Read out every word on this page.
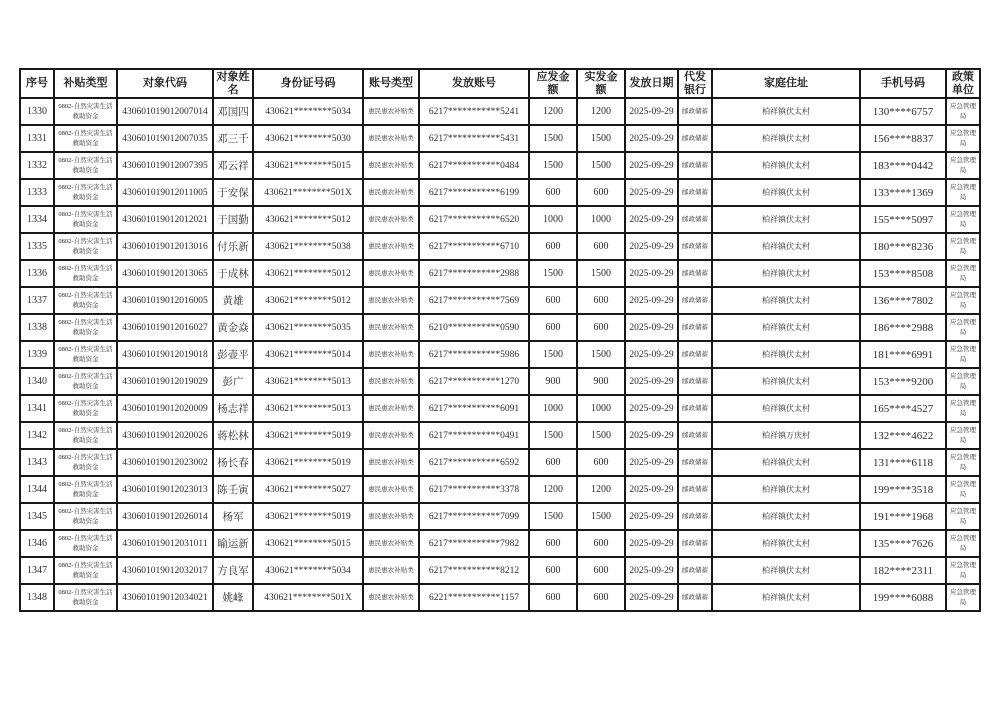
序号	补贴类型	对象代码	对象姓名	身份证号码	账号类型	发放账号	应发金额	实发金额	发放日期	代发银行	家庭住址	手机号码	政策单位
1330	0802-自然灾害生活救助资金	430601019012007014	邓国四	430621********5034	惠民惠农补贴类	6217***********5241	1200	1200	2025-09-29	邮政储蓄	柏祥镇伏太村	130****6757	应急管理局
1331	0802-自然灾害生活救助资金	430601019012007035	邓三千	430621********5030	惠民惠农补贴类	6217***********5431	1500	1500	2025-09-29	邮政储蓄	柏祥镇伏太村	156****8837	应急管理局
1332	0802-自然灾害生活救助资金	430601019012007395	邓云祥	430621********5015	惠民惠农补贴类	6217***********0484	1500	1500	2025-09-29	邮政储蓄	柏祥镇伏太村	183****0442	应急管理局
1333	0802-自然灾害生活救助资金	430601019012011005	于安保	430621********501X	惠民惠农补贴类	6217***********6199	600	600	2025-09-29	邮政储蓄	柏祥镇伏太村	133****1369	应急管理局
1334	0802-自然灾害生活救助资金	430601019012012021	于国勤	430621********5012	惠民惠农补贴类	6217***********6520	1000	1000	2025-09-29	邮政储蓄	柏祥镇伏太村	155****5097	应急管理局
1335	0802-自然灾害生活救助资金	430601019012013016	付乐新	430621********5038	惠民惠农补贴类	6217***********6710	600	600	2025-09-29	邮政储蓄	柏祥镇伏太村	180****8236	应急管理局
1336	0802-自然灾害生活救助资金	430601019012013065	于成林	430621********5012	惠民惠农补贴类	6217***********2988	1500	1500	2025-09-29	邮政储蓄	柏祥镇伏太村	153****8508	应急管理局
1337	0802-自然灾害生活救助资金	430601019012016005	黄雄	430621********5012	惠民惠农补贴类	6217***********7569	600	600	2025-09-29	邮政储蓄	柏祥镇伏太村	136****7802	应急管理局
1338	0802-自然灾害生活救助资金	430601019012016027	黄金焱	430621********5035	惠民惠农补贴类	6210***********0590	600	600	2025-09-29	邮政储蓄	柏祥镇伏太村	186****2988	应急管理局
1339	0802-自然灾害生活救助资金	430601019012019018	彭壶平	430621********5014	惠民惠农补贴类	6217***********5986	1500	1500	2025-09-29	邮政储蓄	柏祥镇伏太村	181****6991	应急管理局
1340	0802-自然灾害生活救助资金	430601019012019029	彭广	430621********5013	惠民惠农补贴类	6217***********1270	900	900	2025-09-29	邮政储蓄	柏祥镇伏太村	153****9200	应急管理局
1341	0802-自然灾害生活救助资金	430601019012020009	杨志祥	430621********5013	惠民惠农补贴类	6217***********6091	1000	1000	2025-09-29	邮政储蓄	柏祥镇伏太村	165****4527	应急管理局
1342	0802-自然灾害生活救助资金	430601019012020026	蒋松林	430621********5019	惠民惠农补贴类	6217***********0491	1500	1500	2025-09-29	邮政储蓄	柏祥镇万庆村	132****4622	应急管理局
1343	0802-自然灾害生活救助资金	430601019012023002	杨长春	430621********5019	惠民惠农补贴类	6217***********6592	600	600	2025-09-29	邮政储蓄	柏祥镇伏太村	131****6118	应急管理局
1344	0802-自然灾害生活救助资金	430601019012023013	陈壬寅	430621********5027	惠民惠农补贴类	6217***********3378	1200	1200	2025-09-29	邮政储蓄	柏祥镇伏太村	199****3518	应急管理局
1345	0802-自然灾害生活救助资金	430601019012026014	杨军	430621********5019	惠民惠农补贴类	6217***********7099	1500	1500	2025-09-29	邮政储蓄	柏祥镇伏太村	191****1968	应急管理局
1346	0802-自然灾害生活救助资金	430601019012031011	喻运新	430621********5015	惠民惠农补贴类	6217***********7982	600	600	2025-09-29	邮政储蓄	柏祥镇伏太村	135****7626	应急管理局
1347	0802-自然灾害生活救助资金	430601019012032017	方良军	430621********5034	惠民惠农补贴类	6217***********8212	600	600	2025-09-29	邮政储蓄	柏祥镇伏太村	182****2311	应急管理局
1348	0802-自然灾害生活救助资金	430601019012034021	姚峰	430621********501X	惠民惠农补贴类	6221***********1157	600	600	2025-09-29	邮政储蓄	柏祥镇伏太村	199****6088	应急管理局
